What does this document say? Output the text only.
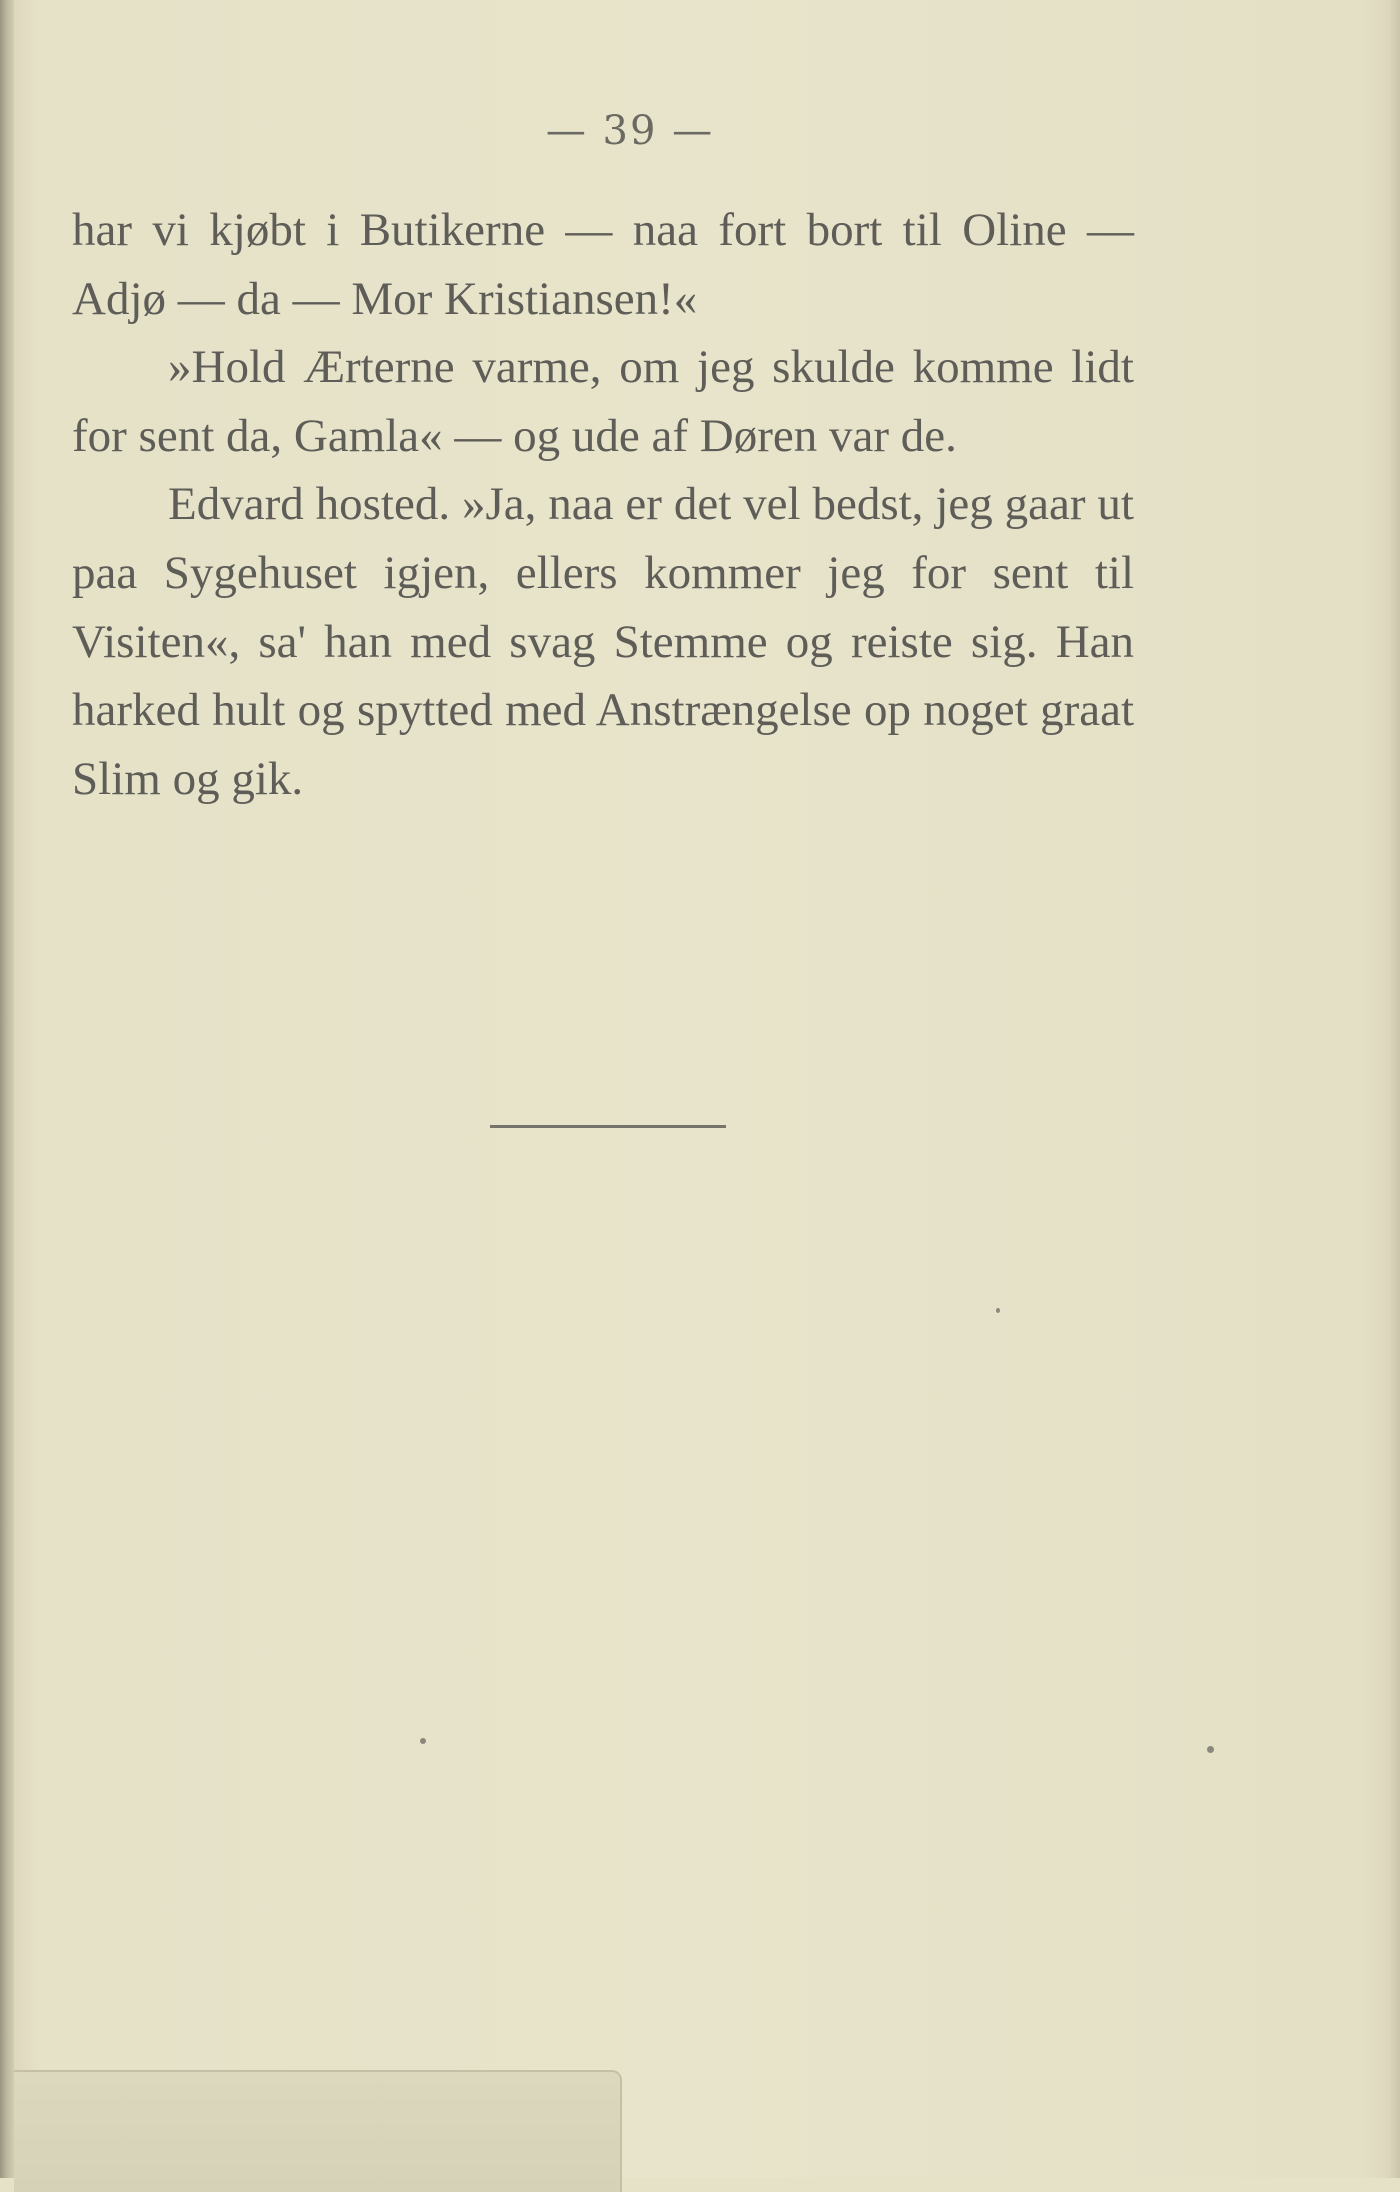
— 39 —

har vi kjøbt i Butikerne — naa fort bort til Oline — Adjø — da — Mor Kristiansen!«

»Hold Ærterne varme, om jeg skulde komme lidt for sent da, Gamla« — og ude af Døren var de.

Edvard hosted. »Ja, naa er det vel bedst, jeg gaar ut paa Sygehuset igjen, ellers kommer jeg for sent til Visiten«, sa' han med svag Stemme og reiste sig. Han harked hult og spytted med Anstrængelse op noget graat Slim og gik.
